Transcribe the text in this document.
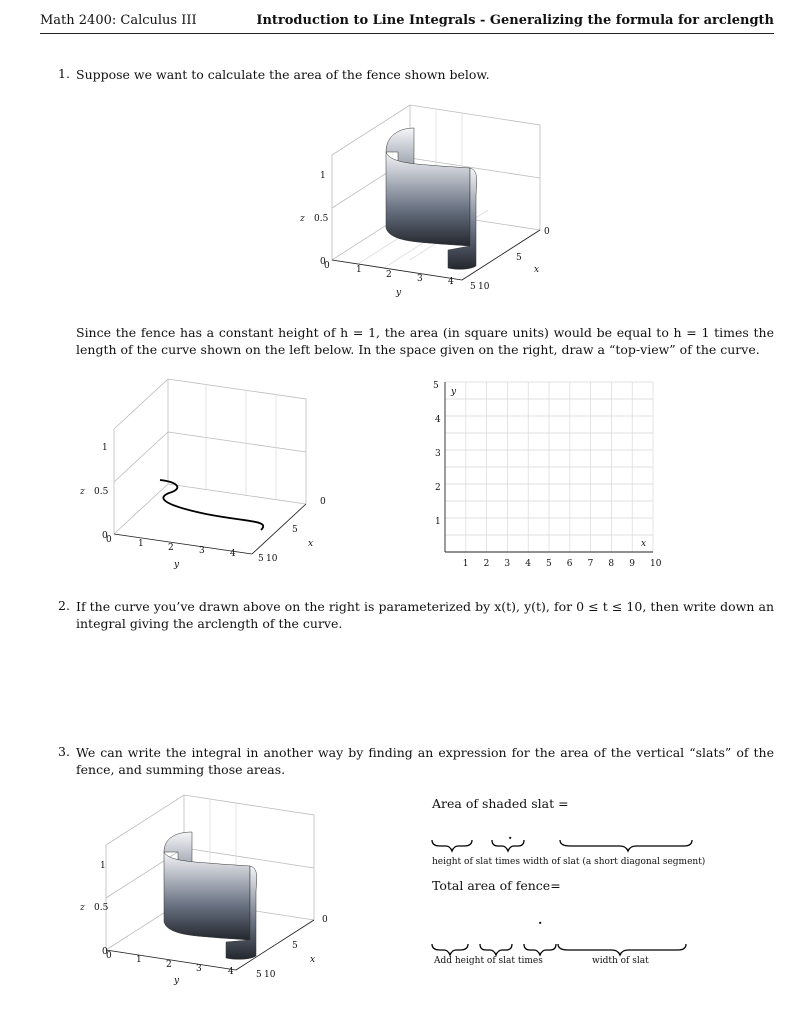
Math 2400: Calculus III	Introduction to Line Integrals - Generalizing the formula for arclength
1. Suppose we want to calculate the area of the fence shown below.
1
0.5
z
0
0	1	2	3	4	10
5
y
5
0
x
Since the fence has a constant height of h = 1, the area (in square units) would be equal to h = 1 times the length of the curve shown on the left below. In the space given on the right, draw a “top-view” of the curve.
1
0.5
z
0
0	1	2	3	4	10
5
y
5
0
x
5
4
3
2
1
y
1 2 3 4 5 6 7 8 9 10
x
2. If the curve you’ve drawn above on the right is parameterized by x(t), y(t), for 0 ≤ t ≤ 10, then write down an integral giving the arclength of the curve.
3. We can write the integral in another way by finding an expression for the area of the vertical “slats” of the fence, and summing those areas.
1
0.5
z
0
0	1	2	3	4	10
5
y
5
0
x
Area of shaded slat =
·
height of slat times width of slat (a short diagonal segment)
Total area of fence=
·
Add height of slat times	width of slat
